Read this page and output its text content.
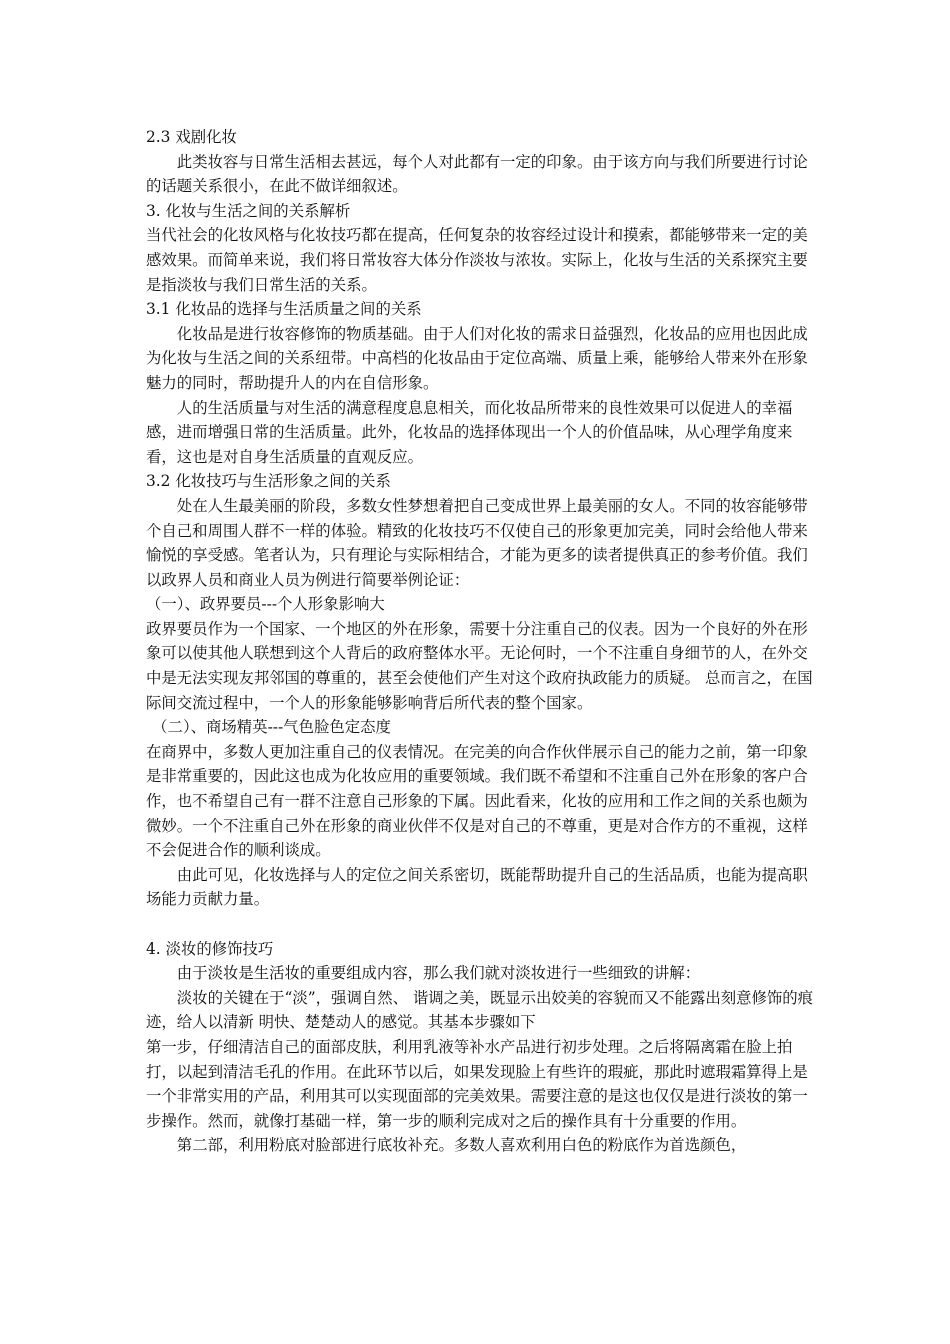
2.3 戏剧化妆

此类妆容与日常生活相去甚远，每个人对此都有一定的印象。由于该方向与我们所要进行讨论的话题关系很小，在此不做详细叙述。

3. 化妆与生活之间的关系解析

当代社会的化妆风格与化妆技巧都在提高，任何复杂的妆容经过设计和摸索，都能够带来一定的美感效果。而简单来说，我们将日常妆容大体分作淡妆与浓妆。实际上，化妆与生活的关系探究主要是指淡妆与我们日常生活的关系。

3.1 化妆品的选择与生活质量之间的关系

化妆品是进行妆容修饰的物质基础。由于人们对化妆的需求日益强烈，化妆品的应用也因此成为化妆与生活之间的关系纽带。中高档的化妆品由于定位高端、质量上乘，能够给人带来外在形象魅力的同时，帮助提升人的内在自信形象。

人的生活质量与对生活的满意程度息息相关，而化妆品所带来的良性效果可以促进人的幸福感，进而增强日常的生活质量。此外，化妆品的选择体现出一个人的价值品味，从心理学角度来看，这也是对自身生活质量的直观反应。

3.2 化妆技巧与生活形象之间的关系

处在人生最美丽的阶段，多数女性梦想着把自己变成世界上最美丽的女人。不同的妆容能够带个自己和周围人群不一样的体验。精致的化妆技巧不仅使自己的形象更加完美，同时会给他人带来愉悦的享受感。笔者认为，只有理论与实际相结合，才能为更多的读者提供真正的参考价值。我们以政界人员和商业人员为例进行简要举例论证：

（一）、政界要员---个人形象影响大

政界要员作为一个国家、一个地区的外在形象，需要十分注重自己的仪表。因为一个良好的外在形象可以使其他人联想到这个人背后的政府整体水平。无论何时，一个不注重自身细节的人，在外交中是无法实现友邦邻国的尊重的，甚至会使他们产生对这个政府执政能力的质疑。 总而言之，在国际间交流过程中，一个人的形象能够影响背后所代表的整个国家。

（二）、商场精英---气色脸色定态度

在商界中，多数人更加注重自己的仪表情况。在完美的向合作伙伴展示自己的能力之前，第一印象是非常重要的，因此这也成为化妆应用的重要领域。我们既不希望和不注重自己外在形象的客户合作，也不希望自己有一群不注意自己形象的下属。因此看来，化妆的应用和工作之间的关系也颇为微妙。一个不注重自己外在形象的商业伙伴不仅是对自己的不尊重，更是对合作方的不重视，这样不会促进合作的顺利谈成。

由此可见，化妆选择与人的定位之间关系密切，既能帮助提升自己的生活品质，也能为提高职场能力贡献力量。

4. 淡妆的修饰技巧

由于淡妆是生活妆的重要组成内容，那么我们就对淡妆进行一些细致的讲解：

淡妆的关键在于“淡”，强调自然、 谐调之美，既显示出姣美的容貌而又不能露出刻意修饰的痕迹，给人以清新 明快、楚楚动人的感觉。其基本步骤如下

第一步，仔细清洁自己的面部皮肤，利用乳液等补水产品进行初步处理。之后将隔离霜在脸上拍打，以起到清洁毛孔的作用。在此环节以后，如果发现脸上有些许的瑕疵，那此时遮瑕霜算得上是一个非常实用的产品，利用其可以实现面部的完美效果。需要注意的是这也仅仅是进行淡妆的第一步操作。然而，就像打基础一样，第一步的顺利完成对之后的操作具有十分重要的作用。

第二部，利用粉底对脸部进行底妆补充。多数人喜欢利用白色的粉底作为首选颜色，
